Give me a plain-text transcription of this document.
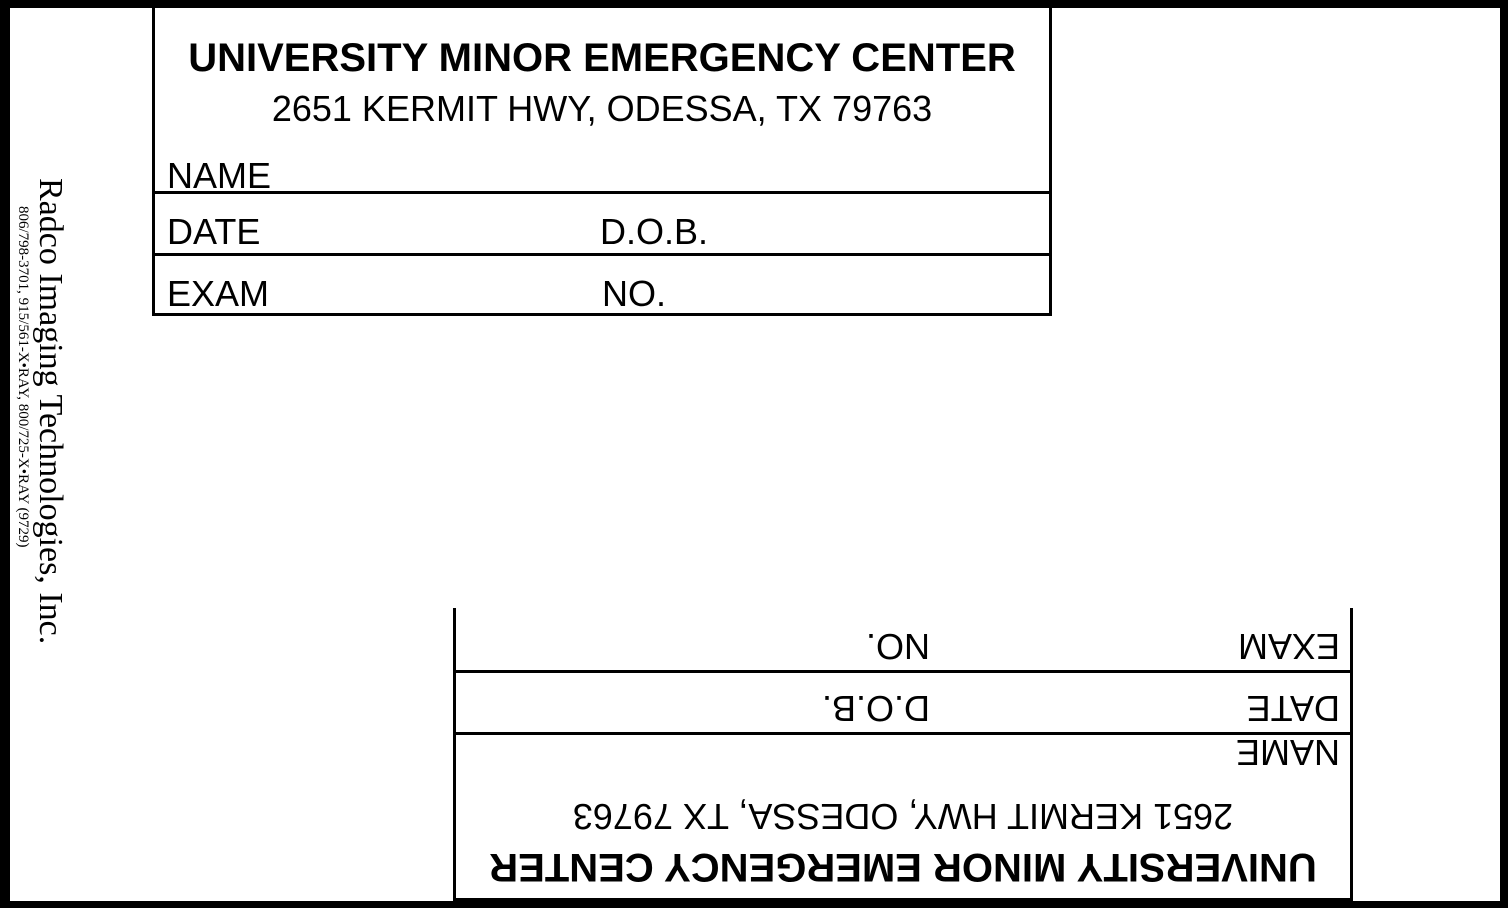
UNIVERSITY MINOR EMERGENCY CENTER
2651 KERMIT HWY, ODESSA, TX 79763
NAME
DATE	D.O.B.
EXAM	NO.
UNIVERSITY MINOR EMERGENCY CENTER
2651 KERMIT HWY, ODESSA, TX 79763
NAME
DATE
D.O.B.
EXAM
NO.
Radco Imaging Technologies, Inc.
806/798-3701, 915/561-X•RAY, 800/725-X•RAY (9729)
